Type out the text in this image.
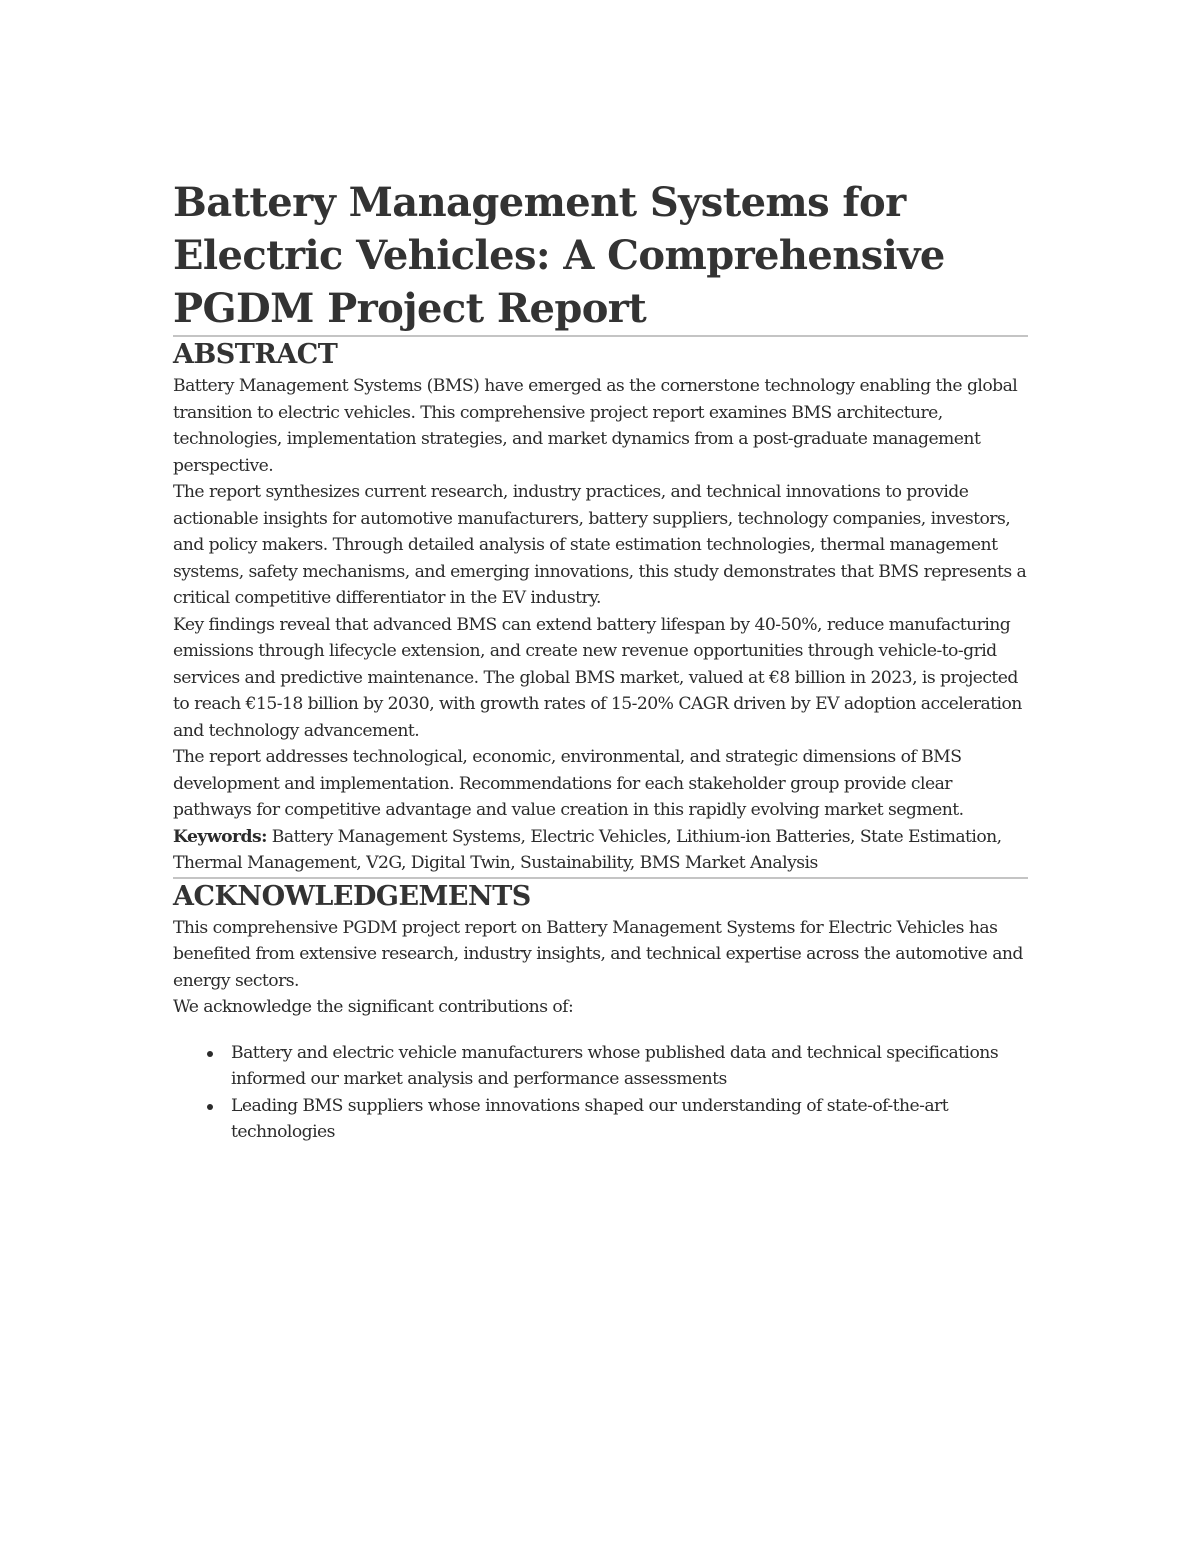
Battery Management Systems for Electric Vehicles: A Comprehensive PGDM Project Report
ABSTRACT

Battery Management Systems (BMS) have emerged as the cornerstone technology enabling the global transition to electric vehicles. This comprehensive project report examines BMS architecture, technologies, implementation strategies, and market dynamics from a post-graduate management perspective.

The report synthesizes current research, industry practices, and technical innovations to provide actionable insights for automotive manufacturers, battery suppliers, technology companies, investors, and policy makers. Through detailed analysis of state estimation technologies, thermal management systems, safety mechanisms, and emerging innovations, this study demonstrates that BMS represents a critical competitive differentiator in the EV industry.

Key findings reveal that advanced BMS can extend battery lifespan by 40-50%, reduce manufacturing emissions through lifecycle extension, and create new revenue opportunities through vehicle-to-grid services and predictive maintenance. The global BMS market, valued at €8 billion in 2023, is projected to reach €15-18 billion by 2030, with growth rates of 15-20% CAGR driven by EV adoption acceleration and technology advancement.

The report addresses technological, economic, environmental, and strategic dimensions of BMS development and implementation. Recommendations for each stakeholder group provide clear pathways for competitive advantage and value creation in this rapidly evolving market segment.

Keywords: Battery Management Systems, Electric Vehicles, Lithium-ion Batteries, State Estimation, Thermal Management, V2G, Digital Twin, Sustainability, BMS Market Analysis

ACKNOWLEDGEMENTS

This comprehensive PGDM project report on Battery Management Systems for Electric Vehicles has benefited from extensive research, industry insights, and technical expertise across the automotive and energy sectors.

We acknowledge the significant contributions of:

Battery and electric vehicle manufacturers whose published data and technical specifications informed our market analysis and performance assessments
Leading BMS suppliers whose innovations shaped our understanding of state-of-the-art technologies
